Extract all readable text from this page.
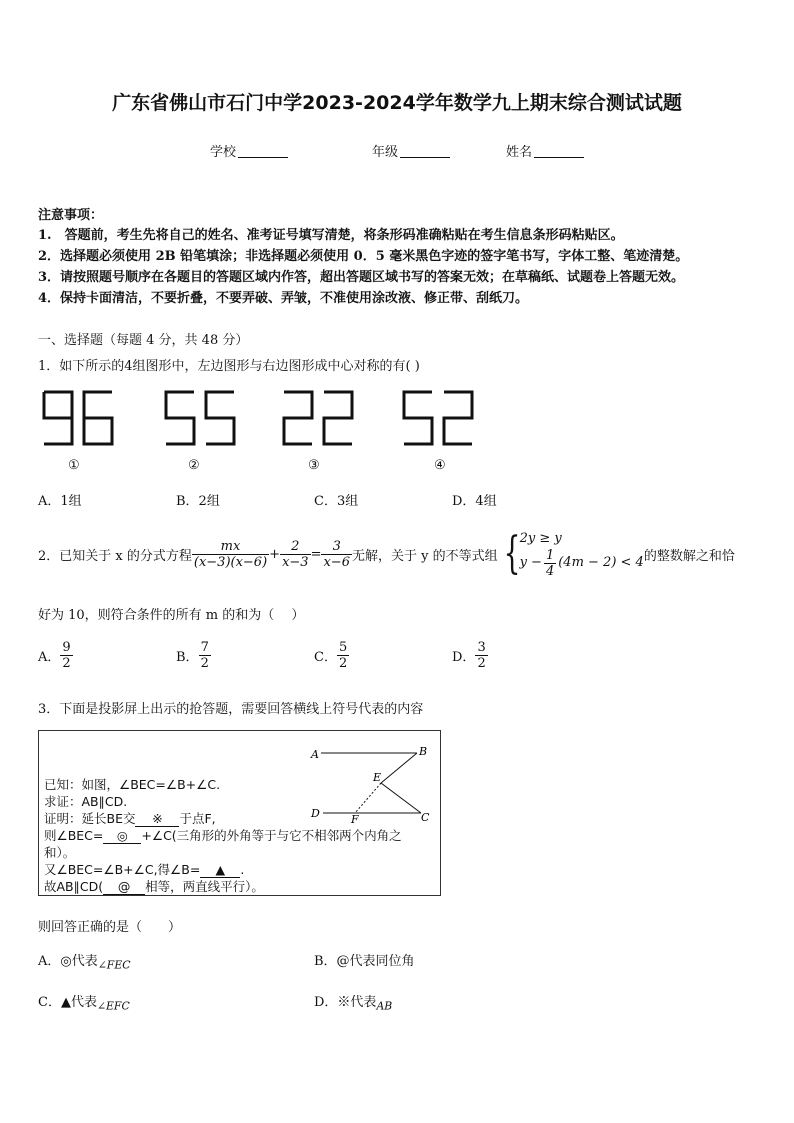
广东省佛山市石门中学2023-2024学年数学九上期末综合测试试题
学校	年级	姓名
注意事项：
1.　答题前，考生先将自己的姓名、准考证号填写清楚，将条形码准确粘贴在考生信息条形码粘贴区。
2．选择题必须使用 2B 铅笔填涂；非选择题必须使用 0．5 毫米黑色字迹的签字笔书写，字体工整、笔迹清楚。
3．请按照题号顺序在各题目的答题区域内作答，超出答题区域书写的答案无效；在草稿纸、试题卷上答题无效。
4．保持卡面清洁，不要折叠，不要弄破、弄皱，不准使用涂改液、修正带、刮纸刀。
一、选择题（每题 4 分，共 48 分）
1．如下所示的4组图形中，左边图形与右边图形成中心对称的有( )
①	②	③	④
A．1组	B．2组	C．3组	D．4组
2．已知关于 x 的分式方程 $\frac{mx}{(x-3)(x-6)} + \frac{2}{x-3} = \frac{3}{x-6}$ 无解，关于 y 的不等式组 { 2y ≥ y
$y - \frac{1}{4} (4m - 2) < 4$ 的整数解之和恰
好为 10，则符合条件的所有 m 的和为（　 ）
A． $\frac{9}{2}$	B． $\frac{7}{2}$	C． $\frac{5}{2}$	D． $\frac{3}{2}$
3．下面是投影屏上出示的抢答题，需要回答横线上符号代表的内容
A	B
E
D	F	C
已知：如图，∠BEC=∠B+∠C.
求证：AB∥CD.
证明：延长BE交 ※ 于点F,
则∠BEC= ◎ +∠C(三角形的外角等于与它不相邻两个内角之
和）。
又∠BEC=∠B+∠C,得∠B= ▲ .
故AB∥CD( @ 相等，两直线平行）。
则回答正确的是（　　）
A．◎代表$_{\angle FEC}$	B．@代表同位角
C．▲代表$_{\angle EFC}$	D．※代表$_{AB}$
